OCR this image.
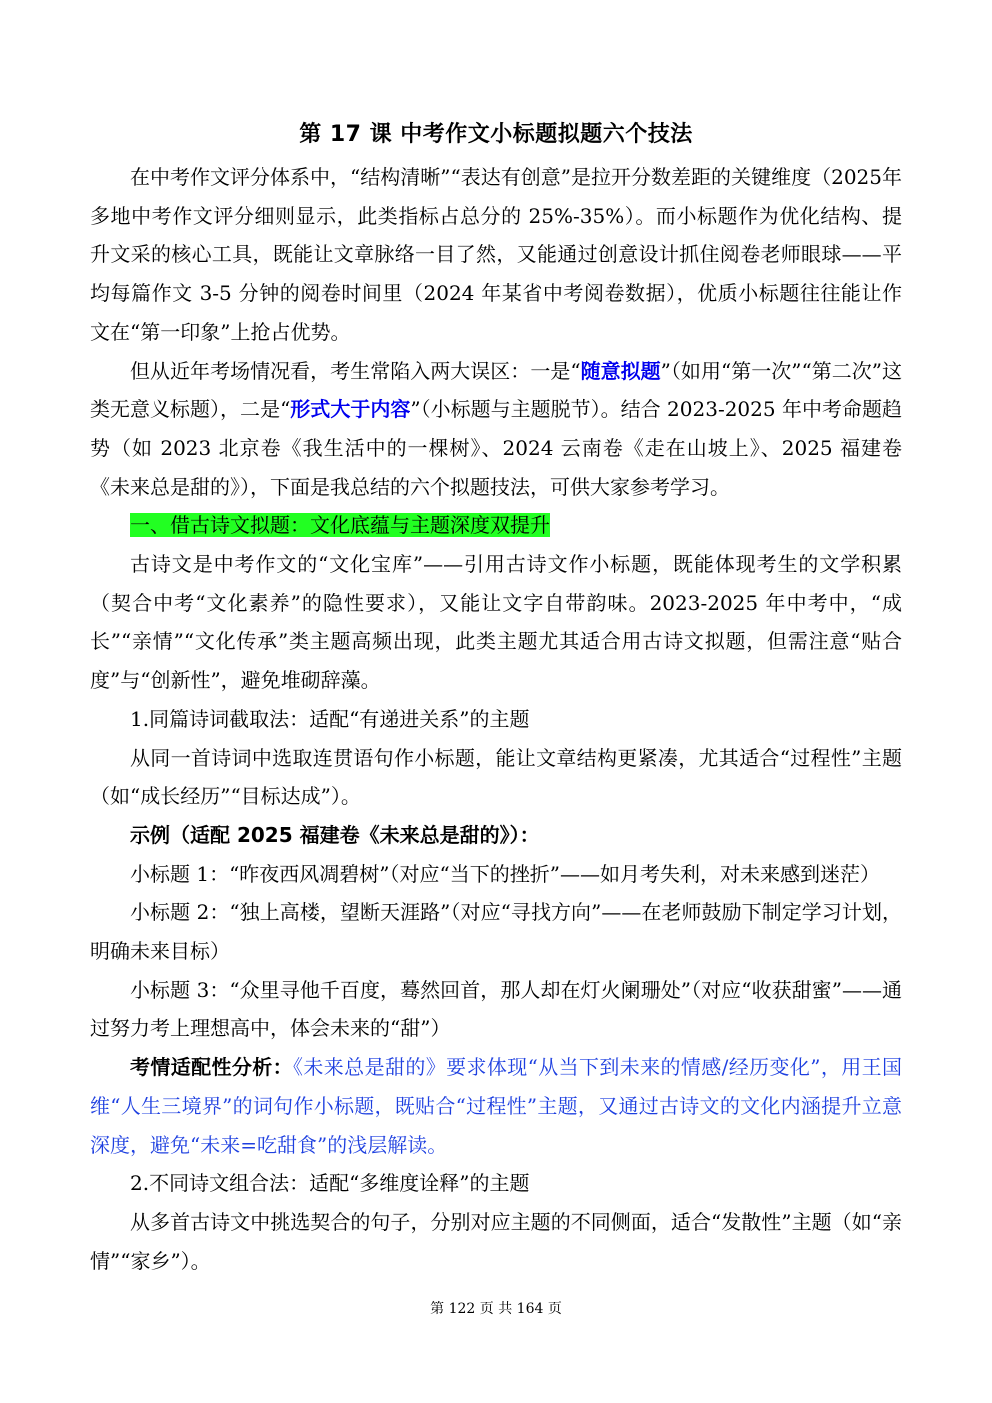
第 17 课 中考作文小标题拟题六个技法

在中考作文评分体系中，“结构清晰”“表达有创意”是拉开分数差距的关键维度（2025年多地中考作文评分细则显示，此类指标占总分的 25%-35%）。而小标题作为优化结构、提升文采的核心工具，既能让文章脉络一目了然，又能通过创意设计抓住阅卷老师眼球——平均每篇作文 3-5 分钟的阅卷时间里（2024 年某省中考阅卷数据），优质小标题往往能让作文在“第一印象”上抢占优势。

但从近年考场情况看，考生常陷入两大误区：一是“随意拟题”（如用“第一次”“第二次”这类无意义标题），二是“形式大于内容”（小标题与主题脱节）。结合 2023-2025 年中考命题趋势（如 2023 北京卷《我生活中的一棵树》、2024 云南卷《走在山坡上》、2025 福建卷《未来总是甜的》），下面是我总结的六个拟题技法，可供大家参考学习。

一、借古诗文拟题：文化底蕴与主题深度双提升

古诗文是中考作文的“文化宝库”——引用古诗文作小标题，既能体现考生的文学积累（契合中考“文化素养”的隐性要求），又能让文字自带韵味。2023-2025 年中考中，“成长”“亲情”“文化传承”类主题高频出现，此类主题尤其适合用古诗文拟题，但需注意“贴合度”与“创新性”，避免堆砌辞藻。

1.同篇诗词截取法：适配“有递进关系”的主题

从同一首诗词中选取连贯语句作小标题，能让文章结构更紧凑，尤其适合“过程性”主题（如“成长经历”“目标达成”）。

示例（适配 2025 福建卷《未来总是甜的》）：

小标题 1：“昨夜西风凋碧树”（对应“当下的挫折”——如月考失利，对未来感到迷茫）

小标题 2：“独上高楼，望断天涯路”（对应“寻找方向”——在老师鼓励下制定学习计划，明确未来目标）

小标题 3：“众里寻他千百度，蓦然回首，那人却在灯火阑珊处”（对应“收获甜蜜”——通过努力考上理想高中，体会未来的“甜”）

考情适配性分析：《未来总是甜的》要求体现“从当下到未来的情感/经历变化”，用王国维“人生三境界”的词句作小标题，既贴合“过程性”主题，又通过古诗文的文化内涵提升立意深度，避免“未来=吃甜食”的浅层解读。

2.不同诗文组合法：适配“多维度诠释”的主题

从多首古诗文中挑选契合的句子，分别对应主题的不同侧面，适合“发散性”主题（如“亲情”“家乡”）。

第 122 页 共 164 页
